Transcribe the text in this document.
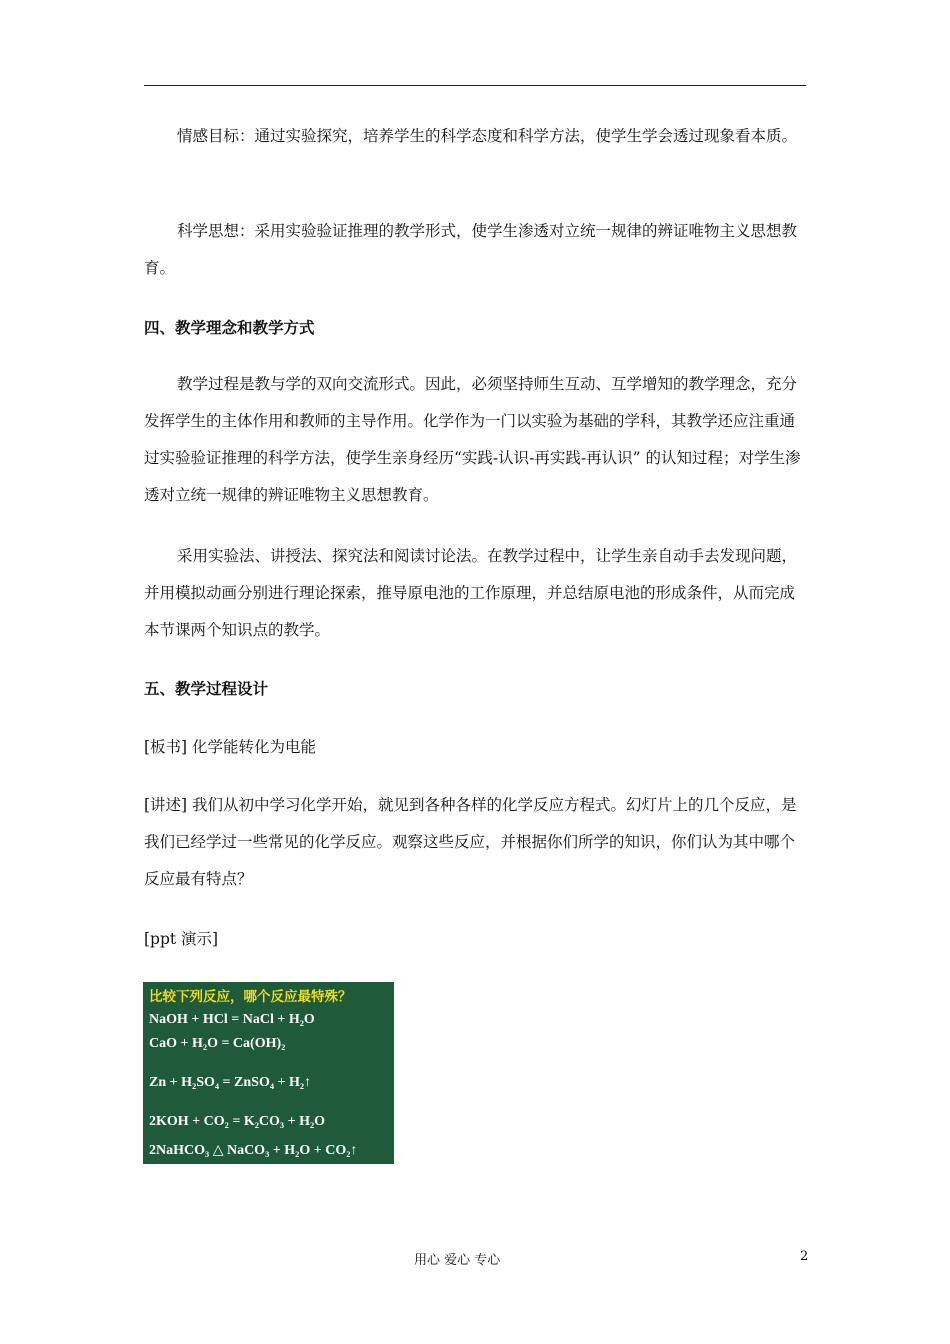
情感目标：通过实验探究，培养学生的科学态度和科学方法，使学生学会透过现象看本质。

科学思想：采用实验验证推理的教学形式，使学生渗透对立统一规律的辨证唯物主义思想教育。

四、教学理念和教学方式

教学过程是教与学的双向交流形式。因此，必须坚持师生互动、互学增知的教学理念，充分发挥学生的主体作用和教师的主导作用。化学作为一门以实验为基础的学科，其教学还应注重通过实验验证推理的科学方法，使学生亲身经历“实践-认识-再实践-再认识” 的认知过程；对学生渗透对立统一规律的辨证唯物主义思想教育。

采用实验法、讲授法、探究法和阅读讨论法。在教学过程中，让学生亲自动手去发现问题，并用模拟动画分别进行理论探索，推导原电池的工作原理，并总结原电池的形成条件，从而完成本节课两个知识点的教学。

五、教学过程设计

[板书] 化学能转化为电能

[讲述] 我们从初中学习化学开始，就见到各种各样的化学反应方程式。幻灯片上的几个反应，是我们已经学过一些常见的化学反应。观察这些反应，并根据你们所学的知识，你们认为其中哪个反应最有特点？

[ppt 演示]

比较下列反应，哪个反应最特殊？
NaOH + HCl = NaCl + H₂O
CaO + H₂O = Ca(OH)₂
Zn + H₂SO₄ = ZnSO₄ + H₂↑
2KOH + CO₂ = K₂CO₃ + H₂O
2NaHCO₃ △ NaCO₃ + H₂O + CO₂↑
用心 爱心 专心	2
